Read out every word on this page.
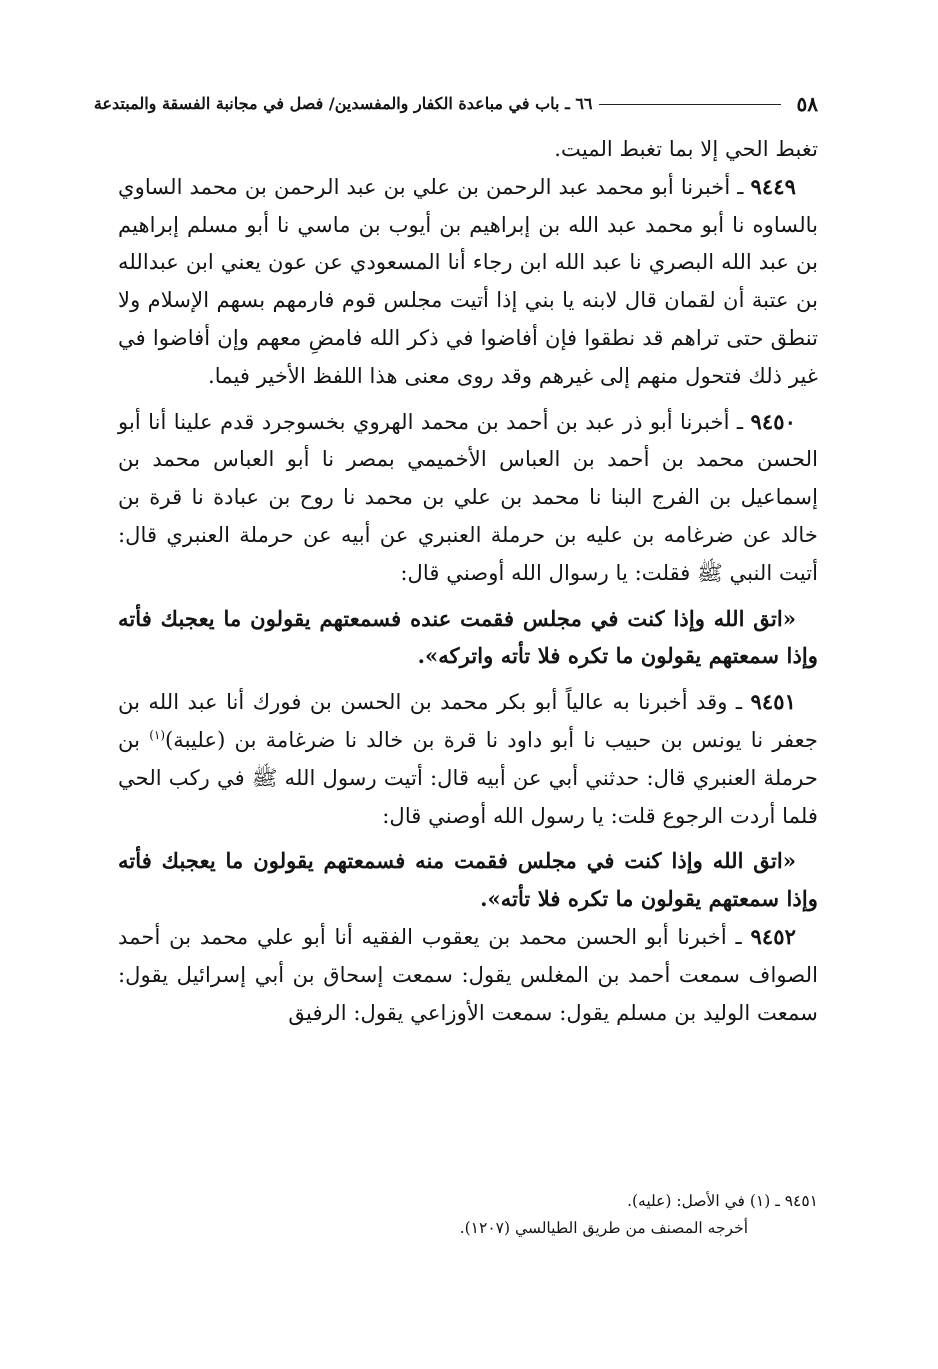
٥٨
٦٦ ـ باب في مباعدة الكفار والمفسدين/ فصل في مجانبة الفسقة والمبتدعة

تغبط الحي إلا بما تغبط الميت.

٩٤٤٩ ـ أخبرنا أبو محمد عبد الرحمن بن علي بن عبد الرحمن بن محمد الساوي بالساوه نا أبو محمد عبد الله بن إبراهيم بن أيوب بن ماسي نا أبو مسلم إبراهيم بن عبد الله البصري نا عبد الله ابن رجاء أنا المسعودي عن عون يعني ابن عبدالله بن عتبة أن لقمان قال لابنه يا بني إذا أتيت مجلس قوم فارمهم بسهم الإسلام ولا تنطق حتى تراهم قد نطقوا فإن أفاضوا في ذكر الله فامضِ معهم وإن أفاضوا في غير ذلك فتحول منهم إلى غيرهم وقد روى معنى هذا اللفظ الأخير فيما.

٩٤٥٠ ـ أخبرنا أبو ذر عبد بن أحمد بن محمد الهروي بخسوجرد قدم علينا أنا أبو الحسن محمد بن أحمد بن العباس الأخميمي بمصر نا أبو العباس محمد بن إسماعيل بن الفرج البنا نا محمد بن علي بن محمد نا روح بن عبادة نا قرة بن خالد عن ضرغامه بن عليه بن حرملة العنبري عن أبيه عن حرملة العنبري قال: أتيت النبي ﷺ فقلت: يا رسوال الله أوصني قال:

«اتق الله وإذا كنت في مجلس فقمت عنده فسمعتهم يقولون ما يعجبك فأته وإذا سمعتهم يقولون ما تكره فلا تأته واتركه».

٩٤٥١ ـ وقد أخبرنا به عالياً أبو بكر محمد بن الحسن بن فورك أنا عبد الله بن جعفر نا يونس بن حبيب نا أبو داود نا قرة بن خالد نا ضرغامة بن (عليبة)$^{(١)}$ بن حرملة العنبري قال: حدثني أبي عن أبيه قال: أتيت رسول الله ﷺ في ركب الحي فلما أردت الرجوع قلت: يا رسول الله أوصني قال:

«اتق الله وإذا كنت في مجلس فقمت منه فسمعتهم يقولون ما يعجبك فأته وإذا سمعتهم يقولون ما تكره فلا تأته».

٩٤٥٢ ـ أخبرنا أبو الحسن محمد بن يعقوب الفقيه أنا أبو علي محمد بن أحمد الصواف سمعت أحمد بن المغلس يقول: سمعت إسحاق بن أبي إسرائيل يقول: سمعت الوليد بن مسلم يقول: سمعت الأوزاعي يقول: الرفيق

٩٤٥١ ـ (١) في الأصل: (عليه).

أخرجه المصنف من طريق الطيالسي (١٢٠٧).
